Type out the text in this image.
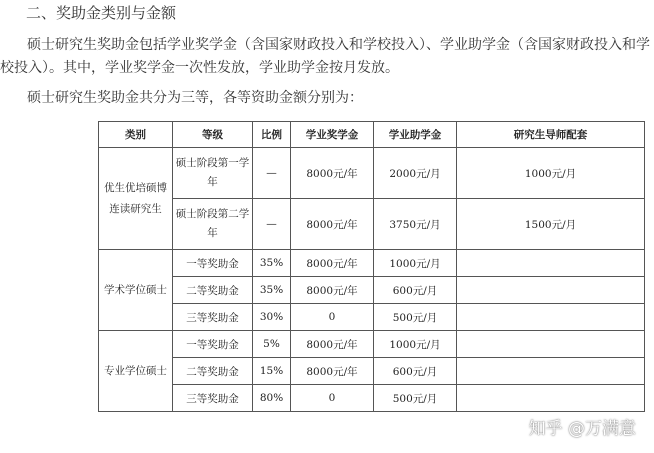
二、奖助金类别与金额
硕士研究生奖助金包括学业奖学金（含国家财政投入和学校投入）、学业助学金（含国家财政投入和学校投入）。其中，学业奖学金一次性发放，学业助学金按月发放。
硕士研究生奖助金共分为三等，各等资助金额分别为：
类别	等级	比例	学业奖学金	学业助学金	研究生导师配套
优生优培硕博连读研究生	硕士阶段第一学年	—	8000元/年	2000元/月	1000元/月
	硕士阶段第二学年	—	8000元/年	3750元/月	1500元/月
学术学位硕士	一等奖助金	35%	8000元/年	1000元/月	
	二等奖助金	35%	8000元/年	600元/月	
	三等奖助金	30%	0	500元/月	
专业学位硕士	一等奖助金	5%	8000元/年	1000元/月	
	二等奖助金	15%	8000元/年	600元/月	
	三等奖助金	80%	0	500元/月	
知乎 @万满意
